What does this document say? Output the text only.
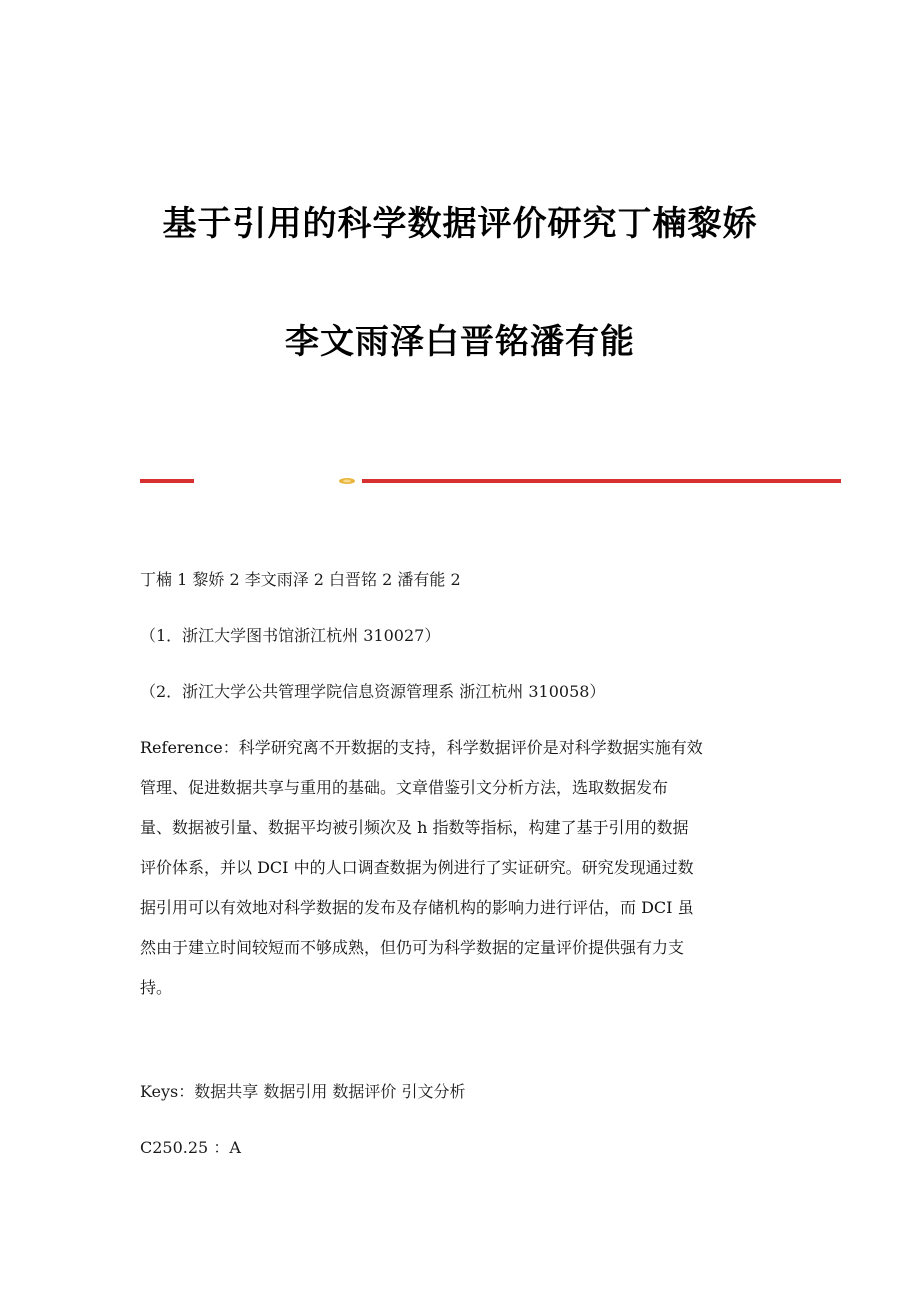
基于引用的科学数据评价研究丁楠黎娇
李文雨泽白晋铭潘有能
丁楠 1 黎娇 2 李文雨泽 2 白晋铭 2 潘有能 2
（1．浙江大学图书馆浙江杭州 310027）
（2．浙江大学公共管理学院信息资源管理系 浙江杭州 310058）
Reference：科学研究离不开数据的支持，科学数据评价是对科学数据实施有效
管理、促进数据共享与重用的基础。文章借鉴引文分析方法，选取数据发布
量、数据被引量、数据平均被引频次及 h 指数等指标，构建了基于引用的数据
评价体系，并以 DCI 中的人口调查数据为例进行了实证研究。研究发现通过数
据引用可以有效地对科学数据的发布及存储机构的影响力进行评估，而 DCI 虽
然由于建立时间较短而不够成熟，但仍可为科学数据的定量评价提供强有力支
持。
Keys：数据共享 数据引用 数据评价 引文分析
C250.25 ：A
